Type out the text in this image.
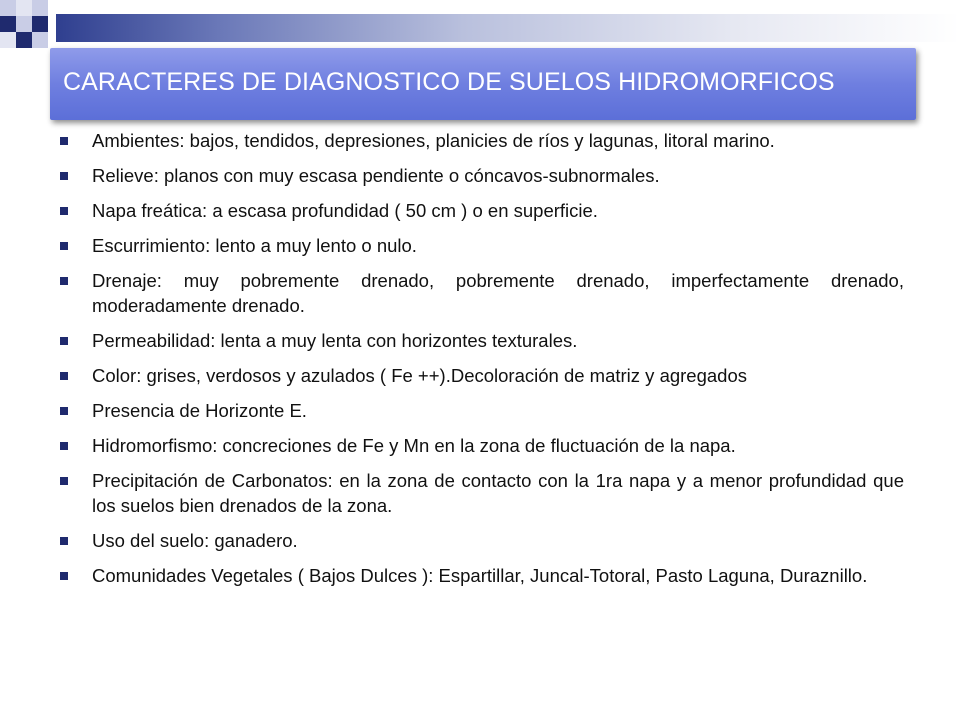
CARACTERES DE DIAGNOSTICO DE SUELOS HIDROMORFICOS
Ambientes: bajos, tendidos, depresiones, planicies de ríos y lagunas, litoral marino.
Relieve: planos con muy escasa pendiente o cóncavos-subnormales.
Napa freática: a escasa profundidad ( 50 cm ) o en superficie.
Escurrimiento: lento a muy lento o nulo.
Drenaje: muy pobremente drenado, pobremente drenado, imperfectamente drenado, moderadamente drenado.
Permeabilidad: lenta a muy lenta con horizontes texturales.
Color: grises, verdosos y azulados ( Fe ++).Decoloración de matriz y agregados
Presencia de Horizonte E.
Hidromorfismo: concreciones de Fe y Mn en la zona de fluctuación de la napa.
Precipitación de Carbonatos: en la zona de contacto con la 1ra napa y a menor profundidad que los suelos bien drenados de la zona.
Uso del suelo: ganadero.
Comunidades Vegetales ( Bajos Dulces ): Espartillar, Juncal-Totoral, Pasto Laguna, Duraznillo.
